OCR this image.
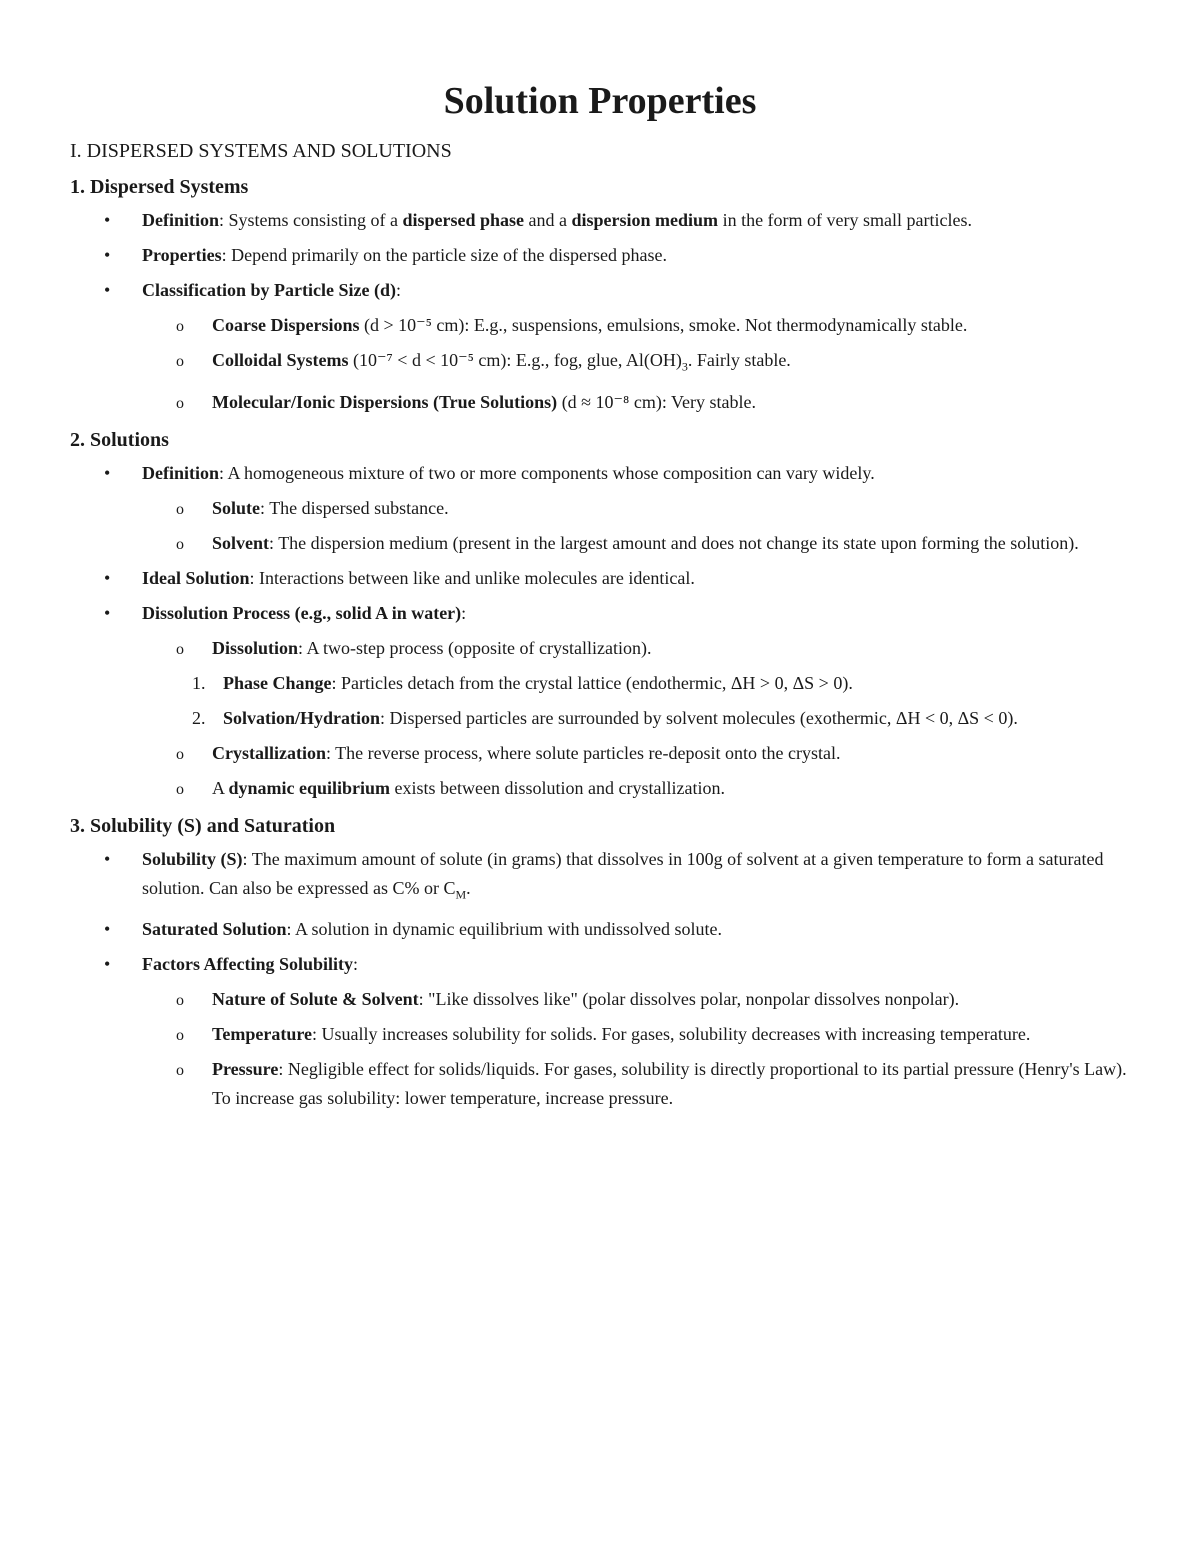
Solution Properties
I. DISPERSED SYSTEMS AND SOLUTIONS
1. Dispersed Systems
• Definition: Systems consisting of a dispersed phase and a dispersion medium in the form of very small particles.
• Properties: Depend primarily on the particle size of the dispersed phase.
• Classification by Particle Size (d):
o Coarse Dispersions (d > 10⁻⁵ cm): E.g., suspensions, emulsions, smoke. Not thermodynamically stable.
o Colloidal Systems (10⁻⁷ < d < 10⁻⁵ cm): E.g., fog, glue, $Al(OH)_3$. Fairly stable.
o Molecular/Ionic Dispersions (True Solutions) (d ≈ 10⁻⁸ cm): Very stable.
2. Solutions
• Definition: A homogeneous mixture of two or more components whose composition can vary widely.
o Solute: The dispersed substance.
o Solvent: The dispersion medium (present in the largest amount and does not change its state upon forming the solution).
• Ideal Solution: Interactions between like and unlike molecules are identical.
• Dissolution Process (e.g., solid A in water):
o Dissolution: A two-step process (opposite of crystallization).
1. Phase Change: Particles detach from the crystal lattice (endothermic, ΔH > 0, ΔS > 0).
2. Solvation/Hydration: Dispersed particles are surrounded by solvent molecules (exothermic, ΔH < 0, ΔS < 0).
o Crystallization: The reverse process, where solute particles re-deposit onto the crystal.
o A dynamic equilibrium exists between dissolution and crystallization.
3. Solubility (S) and Saturation
• Solubility (S): The maximum amount of solute (in grams) that dissolves in 100g of solvent at a given temperature to form a saturated solution. Can also be expressed as C% or $C_M$.
• Saturated Solution: A solution in dynamic equilibrium with undissolved solute.
• Factors Affecting Solubility:
o Nature of Solute & Solvent: "Like dissolves like" (polar dissolves polar, nonpolar dissolves nonpolar).
o Temperature: Usually increases solubility for solids. For gases, solubility decreases with increasing temperature.
o Pressure: Negligible effect for solids/liquids. For gases, solubility is directly proportional to its partial pressure (Henry's Law). To increase gas solubility: lower temperature, increase pressure.
